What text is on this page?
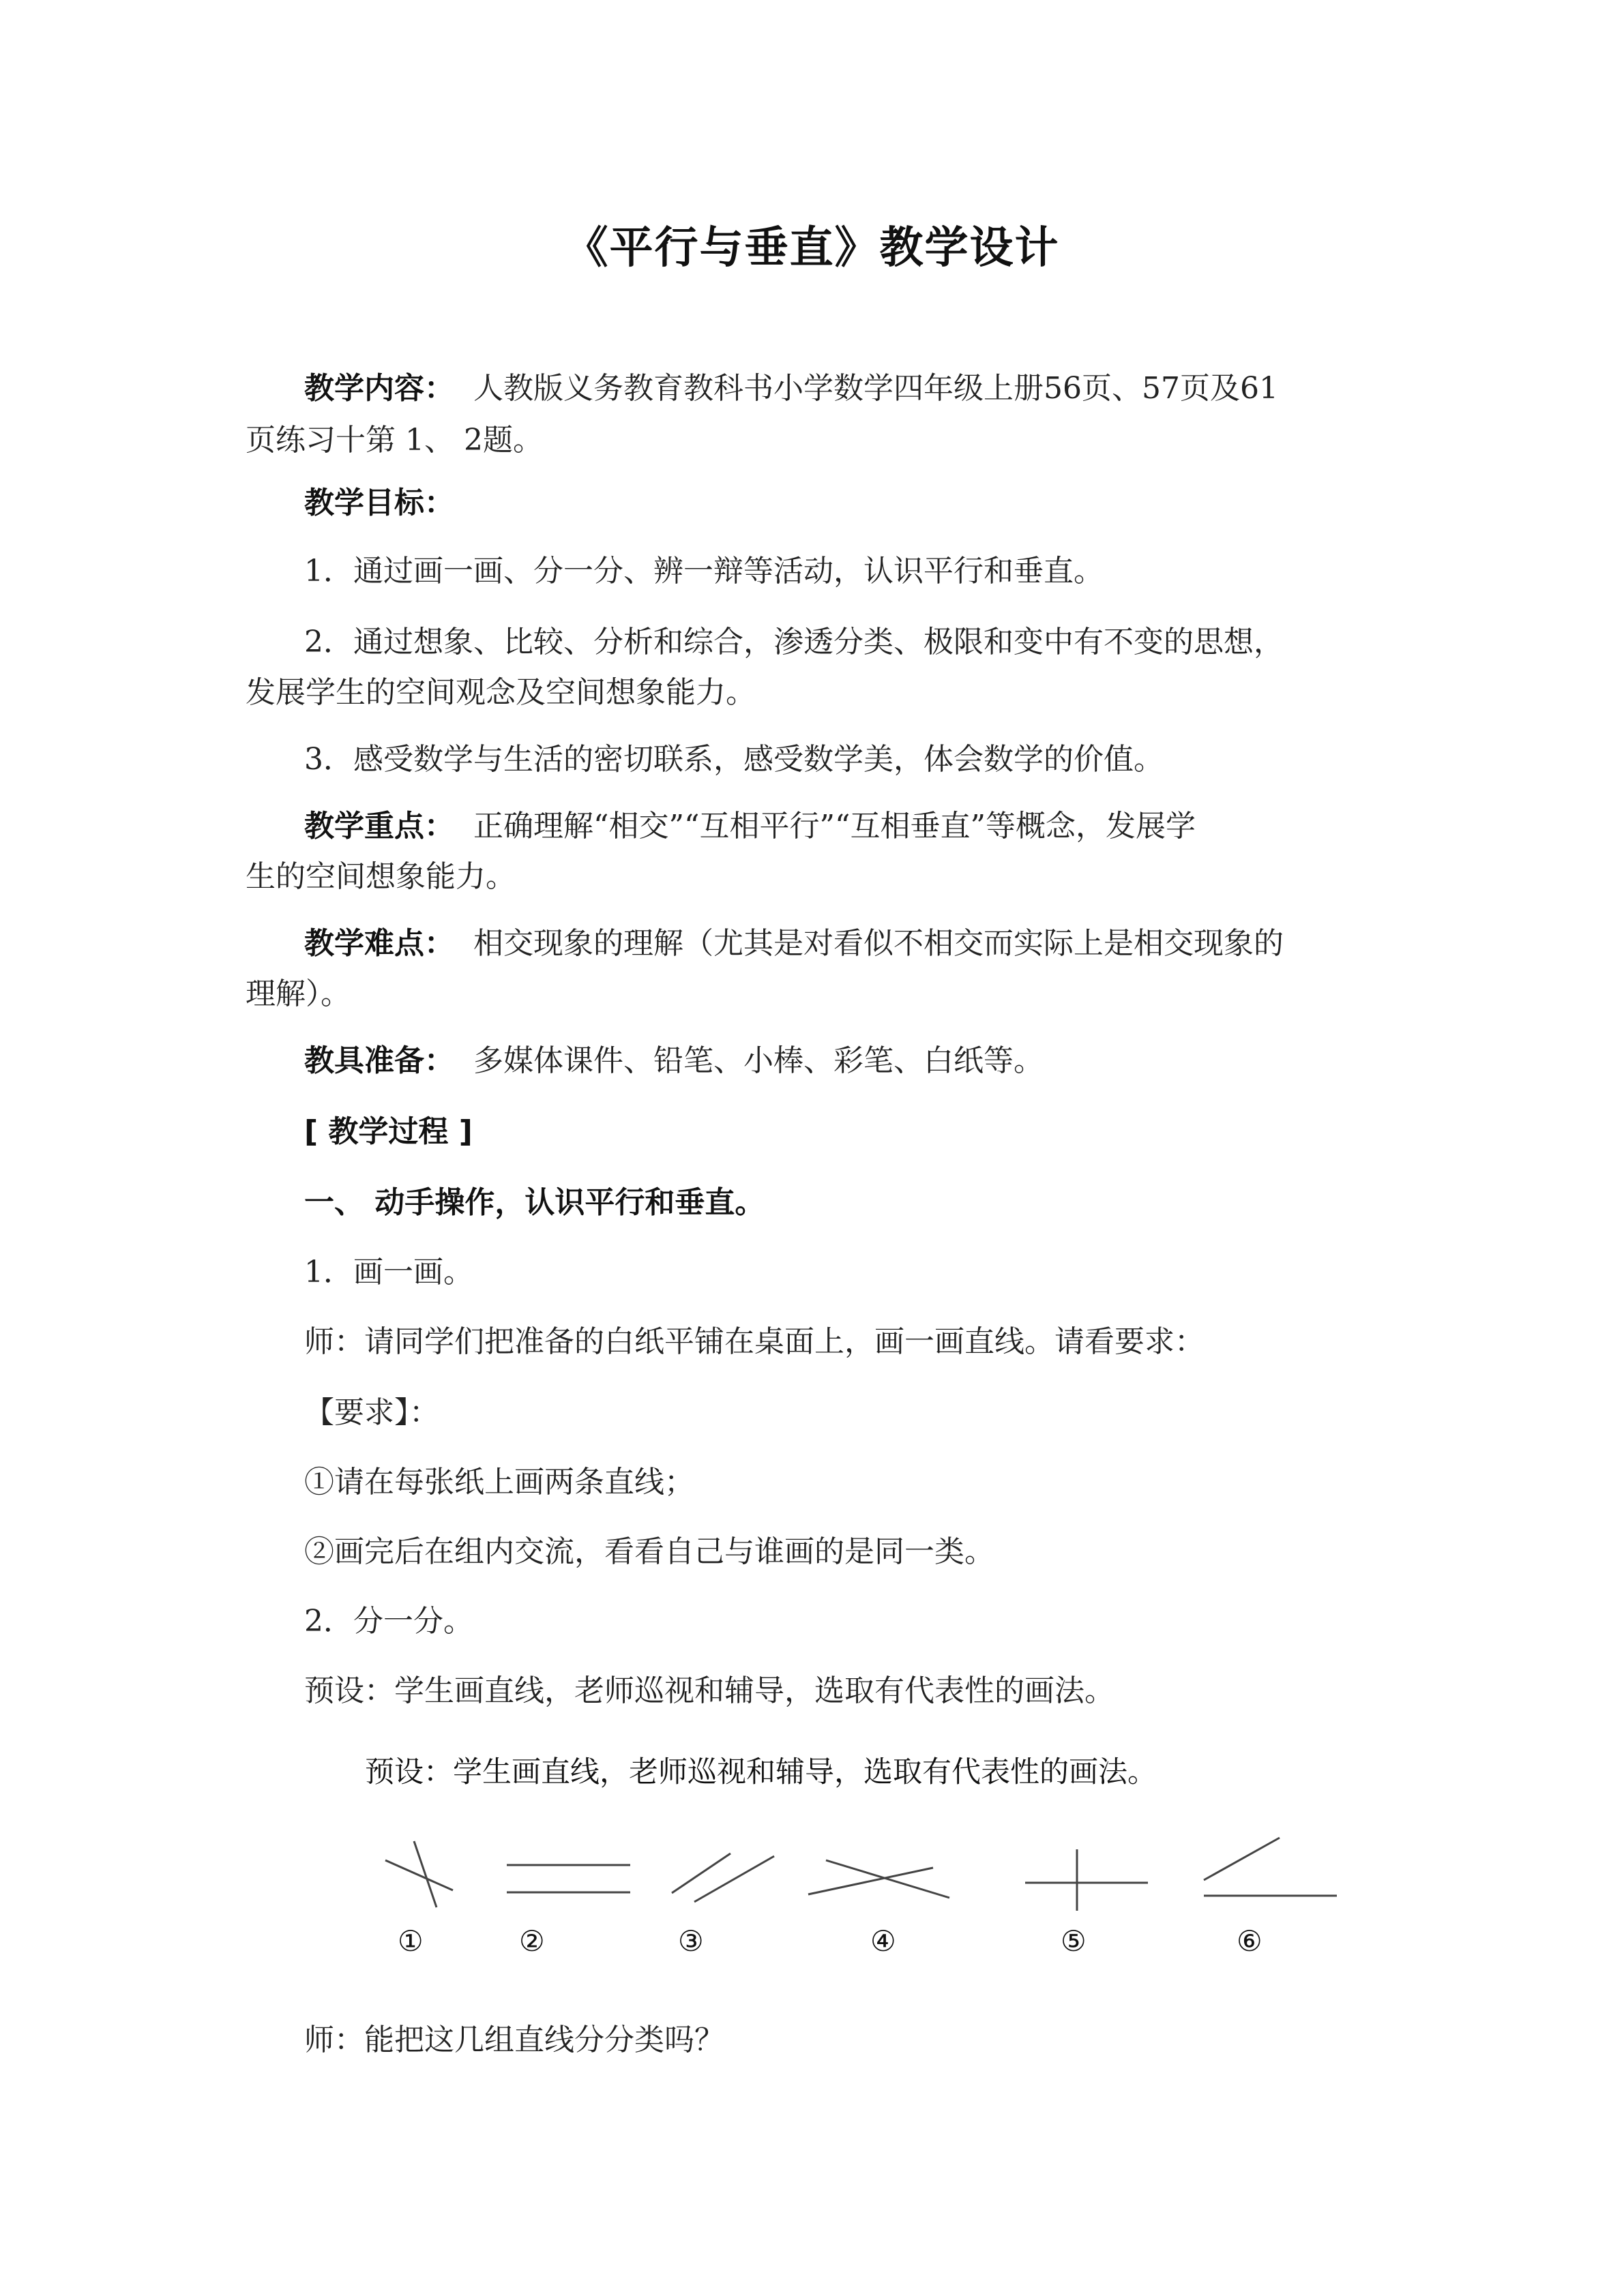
《平行与垂直》教学设计
教学内容： 人教版义务教育教科书小学数学四年级上册56页、57页及61
页练习十第 1、 2题。
教学目标：
1．通过画一画、分一分、辨一辩等活动，认识平行和垂直。
2．通过想象、比较、分析和综合，渗透分类、极限和变中有不变的思想，
发展学生的空间观念及空间想象能力。
3．感受数学与生活的密切联系，感受数学美，体会数学的价值。
教学重点： 正确理解“相交”“互相平行”“互相垂直”等概念，发展学
生的空间想象能力。
教学难点： 相交现象的理解（尤其是对看似不相交而实际上是相交现象的
理解）。
教具准备： 多媒体课件、铅笔、小棒、彩笔、白纸等。
[ 教学过程 ]
一、 动手操作，认识平行和垂直。
1．画一画。
师：请同学们把准备的白纸平铺在桌面上，画一画直线。请看要求：
【要求】：
①请在每张纸上画两条直线；
②画完后在组内交流，看看自己与谁画的是同一类。
2．分一分。
预设：学生画直线，老师巡视和辅导，选取有代表性的画法。
预设：学生画直线，老师巡视和辅导，选取有代表性的画法。
①	②	③	④	⑤	⑥
师：能把这几组直线分分类吗？
